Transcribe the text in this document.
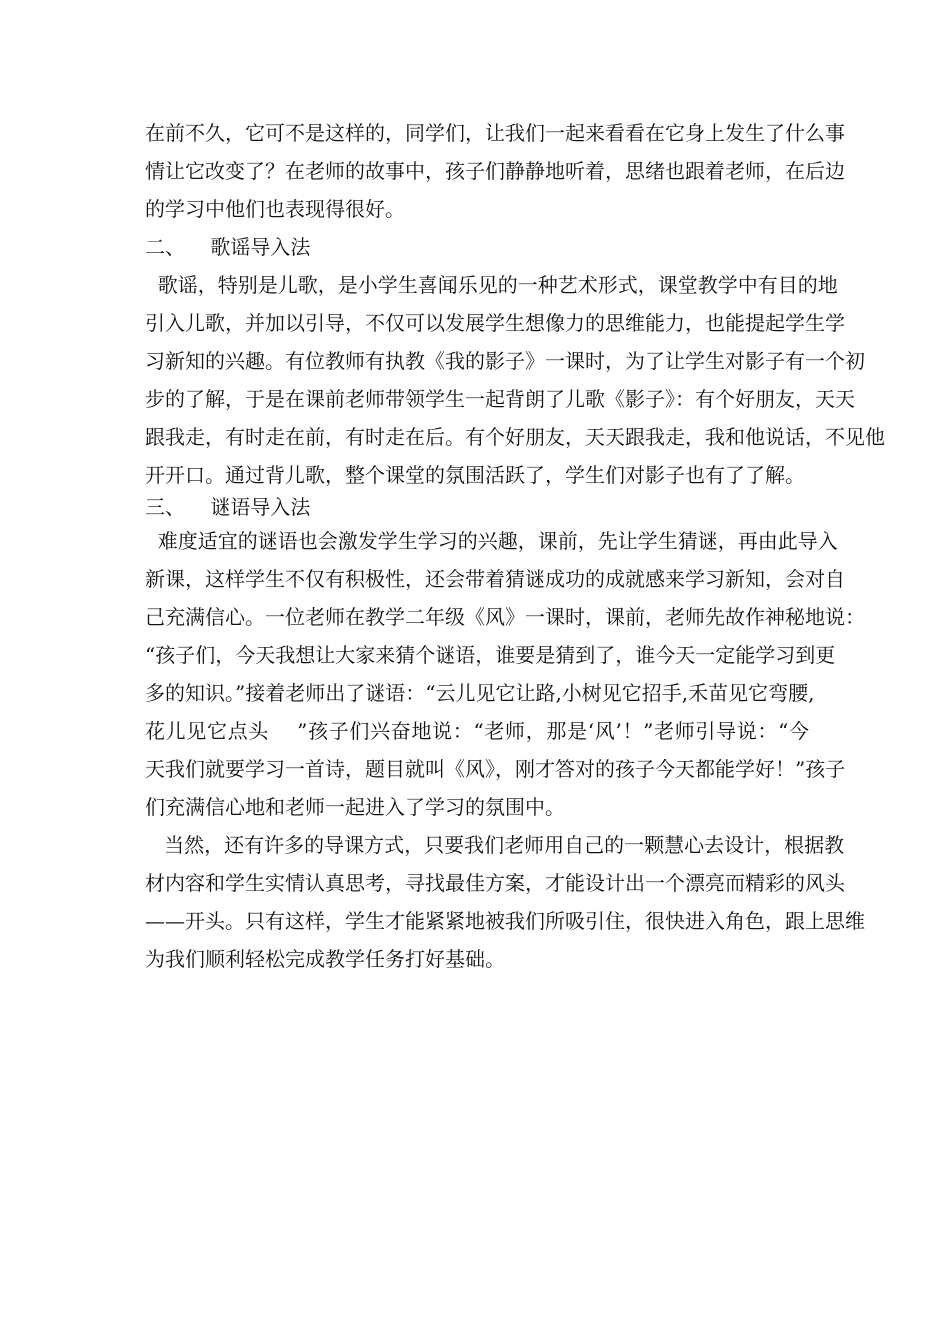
在前不久，它可不是这样的，同学们，让我们一起来看看在它身上发生了什么事
情让它改变了？在老师的故事中，孩子们静静地听着，思绪也跟着老师，在后边
的学习中他们也表现得很好。
二、    歌谣导入法
歌谣，特别是儿歌，是小学生喜闻乐见的一种艺术形式，课堂教学中有目的地
引入儿歌，并加以引导，不仅可以发展学生想像力的思维能力，也能提起学生学
习新知的兴趣。有位教师有执教《我的影子》一课时，为了让学生对影子有一个初
步的了解，于是在课前老师带领学生一起背朗了儿歌《影子》：有个好朋友，天天
跟我走，有时走在前，有时走在后。有个好朋友，天天跟我走，我和他说话，不见他
开开口。通过背儿歌，整个课堂的氛围活跃了，学生们对影子也有了了解。
三、    谜语导入法
难度适宜的谜语也会激发学生学习的兴趣，课前，先让学生猜谜，再由此导入
新课，这样学生不仅有积极性，还会带着猜谜成功的成就感来学习新知，会对自
己充满信心。一位老师在教学二年级《风》一课时，课前，老师先故作神秘地说：
“孩子们，今天我想让大家来猜个谜语，谁要是猜到了，谁今天一定能学习到更
多的知识。”接着老师出了谜语：“云儿见它让路,小树见它招手,禾苗见它弯腰,
花儿见它点头    ”孩子们兴奋地说：“老师，那是‘风’！”老师引导说：“今
天我们就要学习一首诗，题目就叫《风》，刚才答对的孩子今天都能学好！”孩子
们充满信心地和老师一起进入了学习的氛围中。
当然，还有许多的导课方式，只要我们老师用自己的一颗慧心去设计，根据教
材内容和学生实情认真思考，寻找最佳方案，才能设计出一个漂亮而精彩的风头
——开头。只有这样，学生才能紧紧地被我们所吸引住，很快进入角色，跟上思维
为我们顺利轻松完成教学任务打好基础。
